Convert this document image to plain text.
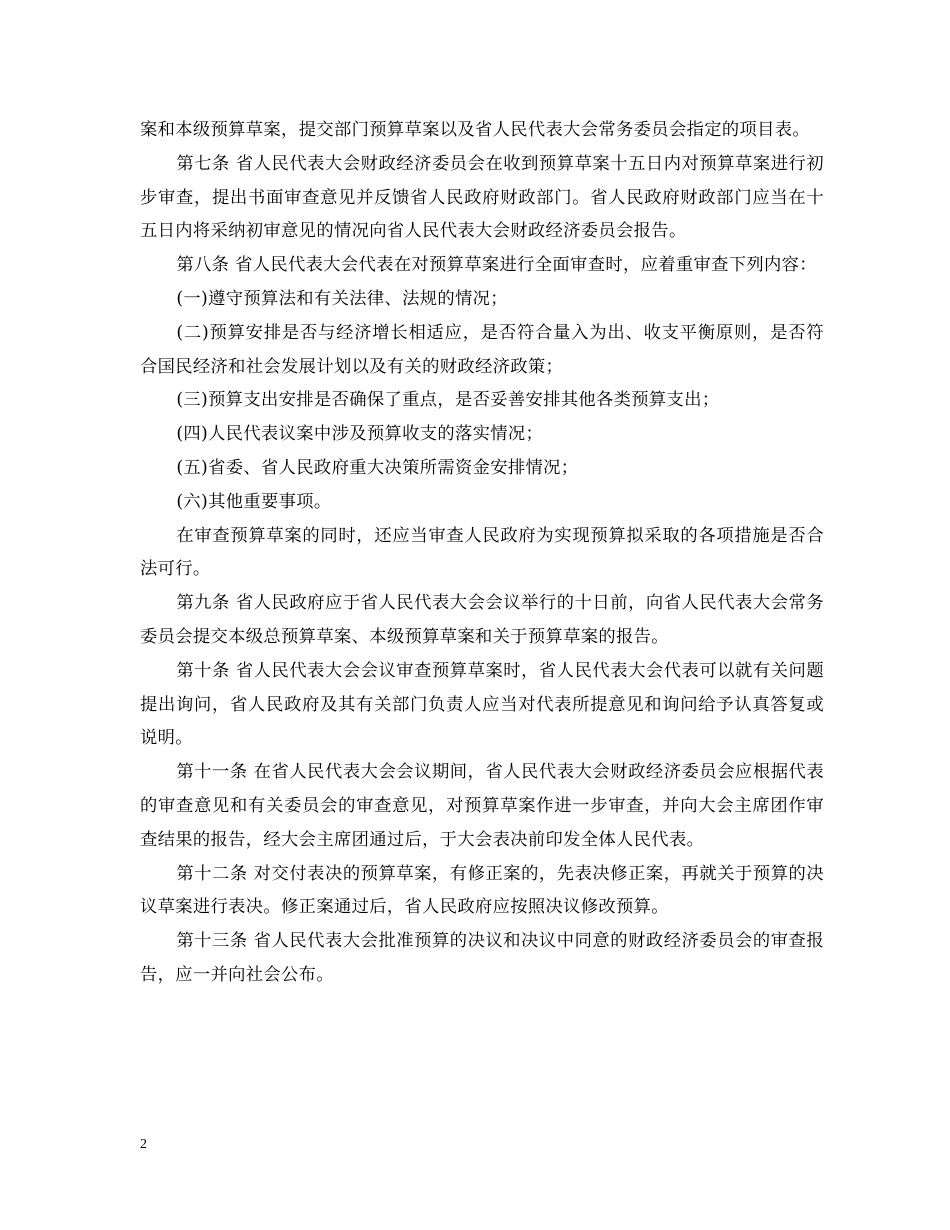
案和本级预算草案，提交部门预算草案以及省人民代表大会常务委员会指定的项目表。

第七条 省人民代表大会财政经济委员会在收到预算草案十五日内对预算草案进行初步审查，提出书面审查意见并反馈省人民政府财政部门。省人民政府财政部门应当在十五日内将采纳初审意见的情况向省人民代表大会财政经济委员会报告。

第八条 省人民代表大会代表在对预算草案进行全面审查时，应着重审查下列内容：

(一)遵守预算法和有关法律、法规的情况；

(二)预算安排是否与经济增长相适应，是否符合量入为出、收支平衡原则，是否符合国民经济和社会发展计划以及有关的财政经济政策；

(三)预算支出安排是否确保了重点，是否妥善安排其他各类预算支出；

(四)人民代表议案中涉及预算收支的落实情况；

(五)省委、省人民政府重大决策所需资金安排情况；

(六)其他重要事项。

在审查预算草案的同时，还应当审查人民政府为实现预算拟采取的各项措施是否合法可行。

第九条 省人民政府应于省人民代表大会会议举行的十日前，向省人民代表大会常务委员会提交本级总预算草案、本级预算草案和关于预算草案的报告。

第十条 省人民代表大会会议审查预算草案时，省人民代表大会代表可以就有关问题提出询问，省人民政府及其有关部门负责人应当对代表所提意见和询问给予认真答复或说明。

第十一条 在省人民代表大会会议期间，省人民代表大会财政经济委员会应根据代表的审查意见和有关委员会的审查意见，对预算草案作进一步审查，并向大会主席团作审查结果的报告，经大会主席团通过后，于大会表决前印发全体人民代表。

第十二条 对交付表决的预算草案，有修正案的，先表决修正案，再就关于预算的决议草案进行表决。修正案通过后，省人民政府应按照决议修改预算。

第十三条 省人民代表大会批准预算的决议和决议中同意的财政经济委员会的审查报告，应一并向社会公布。

2
